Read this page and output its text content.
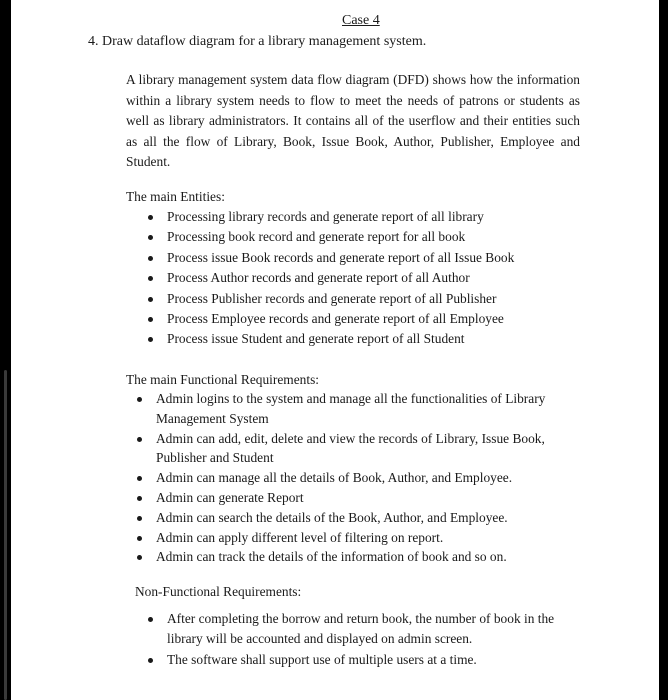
Case 4
4. Draw dataflow diagram for a library management system.

A library management system data flow diagram (DFD) shows how the information within a library system needs to flow to meet the needs of patrons or students as well as library administrators. It contains all of the userflow and their entities such as all the flow of Library, Book, Issue Book, Author, Publisher, Employee and Student.

The main Entities:
Processing library records and generate report of all library
Processing book record and generate report for all book
Process issue Book records and generate report of all Issue Book
Process Author records and generate report of all Author
Process Publisher records and generate report of all Publisher
Process Employee records and generate report of all Employee
Process issue Student and generate report of all Student
The main Functional Requirements:
Admin logins to the system and manage all the functionalities of Library Management System
Admin can add, edit, delete and view the records of Library, Issue Book, Publisher and Student
Admin can manage all the details of Book, Author, and Employee.
Admin can generate Report
Admin can search the details of the Book, Author, and Employee.
Admin can apply different level of filtering on report.
Admin can track the details of the information of book and so on.
Non-Functional Requirements:
After completing the borrow and return book, the number of book in the library will be accounted and displayed on admin screen.
The software shall support use of multiple users at a time.
